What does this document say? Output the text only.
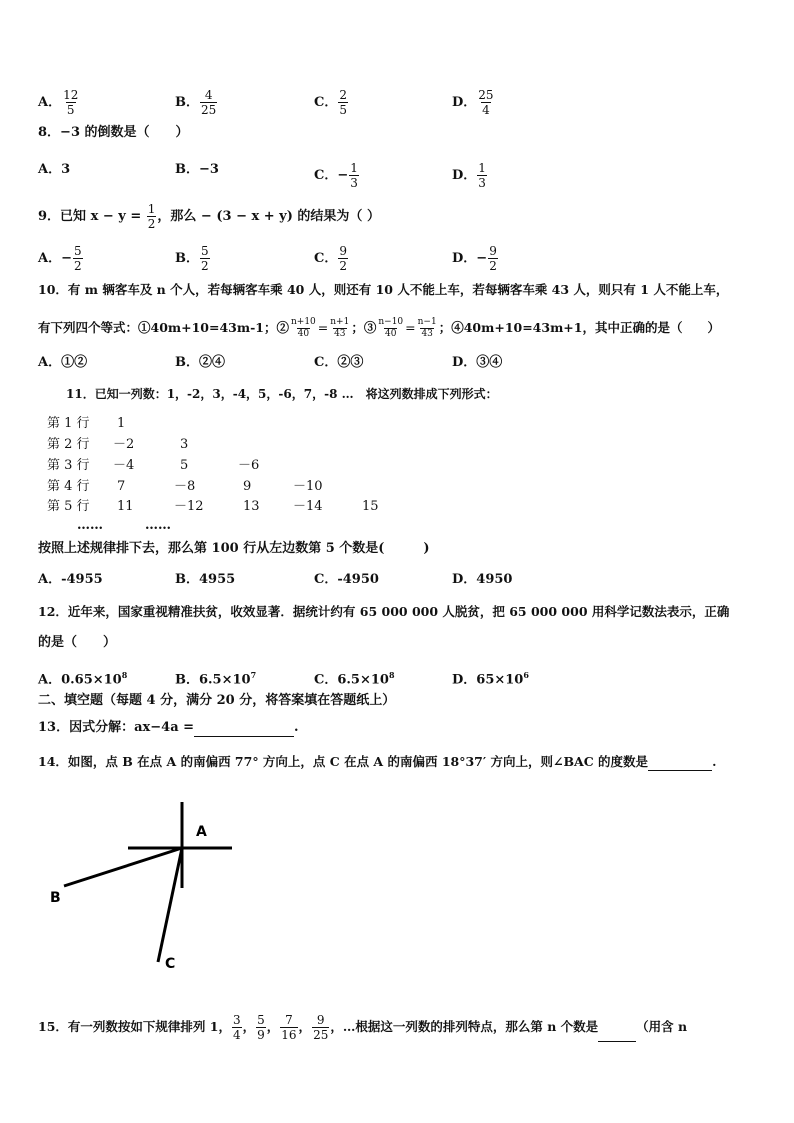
A． $\frac{12}{5}$	B． $\frac{4}{25}$	C． $\frac{2}{5}$	D． $\frac{25}{4}$
8．−3 的倒数是（　　）
A．3	B．−3	C．− $\frac{1}{3}$	D． $\frac{1}{3}$
9．已知 $x - y = \frac{1}{2}$ ，那么 − (3 − x + y) 的结果为（ ）
A．− $\frac{5}{2}$	B． $\frac{5}{2}$	C． $\frac{9}{2}$	D．− $\frac{9}{2}$
10．有 m 辆客车及 n 个人，若每辆客车乘 40 人，则还有 10 人不能上车，若每辆客车乘 43 人，则只有 1 人不能上车，
有下列四个等式：①40m+10=43m-1；② $\frac{n+10}{40} = \frac{n+1}{43}$ ；③ $\frac{n-10}{40} = \frac{n-1}{43}$ ；④40m+10=43m+1，其中正确的是（　　）
A．①②	B．②④	C．②③	D．③④
11．已知一列数：1，-2，3，-4，5，-6，7，-8 …　将这列数排成下列形式：
第 1 行 1
第 2 行 －2	3
第 3 行 －4	5	－6
第 4 行 7	－8	9	－10
第 5 行 11	－12	13	－14	15
……	……
按照上述规律排下去，那么第 100 行从左边数第 5 个数是(　　　)
A．-4955	B．4955	C．-4950	D．4950
12．近年来，国家重视精准扶贫，收效显著．据统计约有 65 000 000 人脱贫，把 65 000 000 用科学记数法表示，正确
的是（　　）
A．$0.65\times 10^8$	B．$6.5\times 10^7$	C．$6.5\times 10^8$	D．$65\times 10^6$
二、填空题（每题 4 分，满分 20 分，将答案填在答题纸上）
13．因式分解：ax−4a =	.
14．如图，点 B 在点 A 的南偏西 77° 方向上，点 C 在点 A 的南偏西 18°37′ 方向上，则∠BAC 的度数是	.
A
B
C
15．有一列数按如下规律排列 1， $\frac{3}{4}$ ， $\frac{5}{9}$ ， $\frac{7}{16}$ ， $\frac{9}{25}$ ，…根据这一列数的排列特点，那么第 n 个数是	（用含 n
